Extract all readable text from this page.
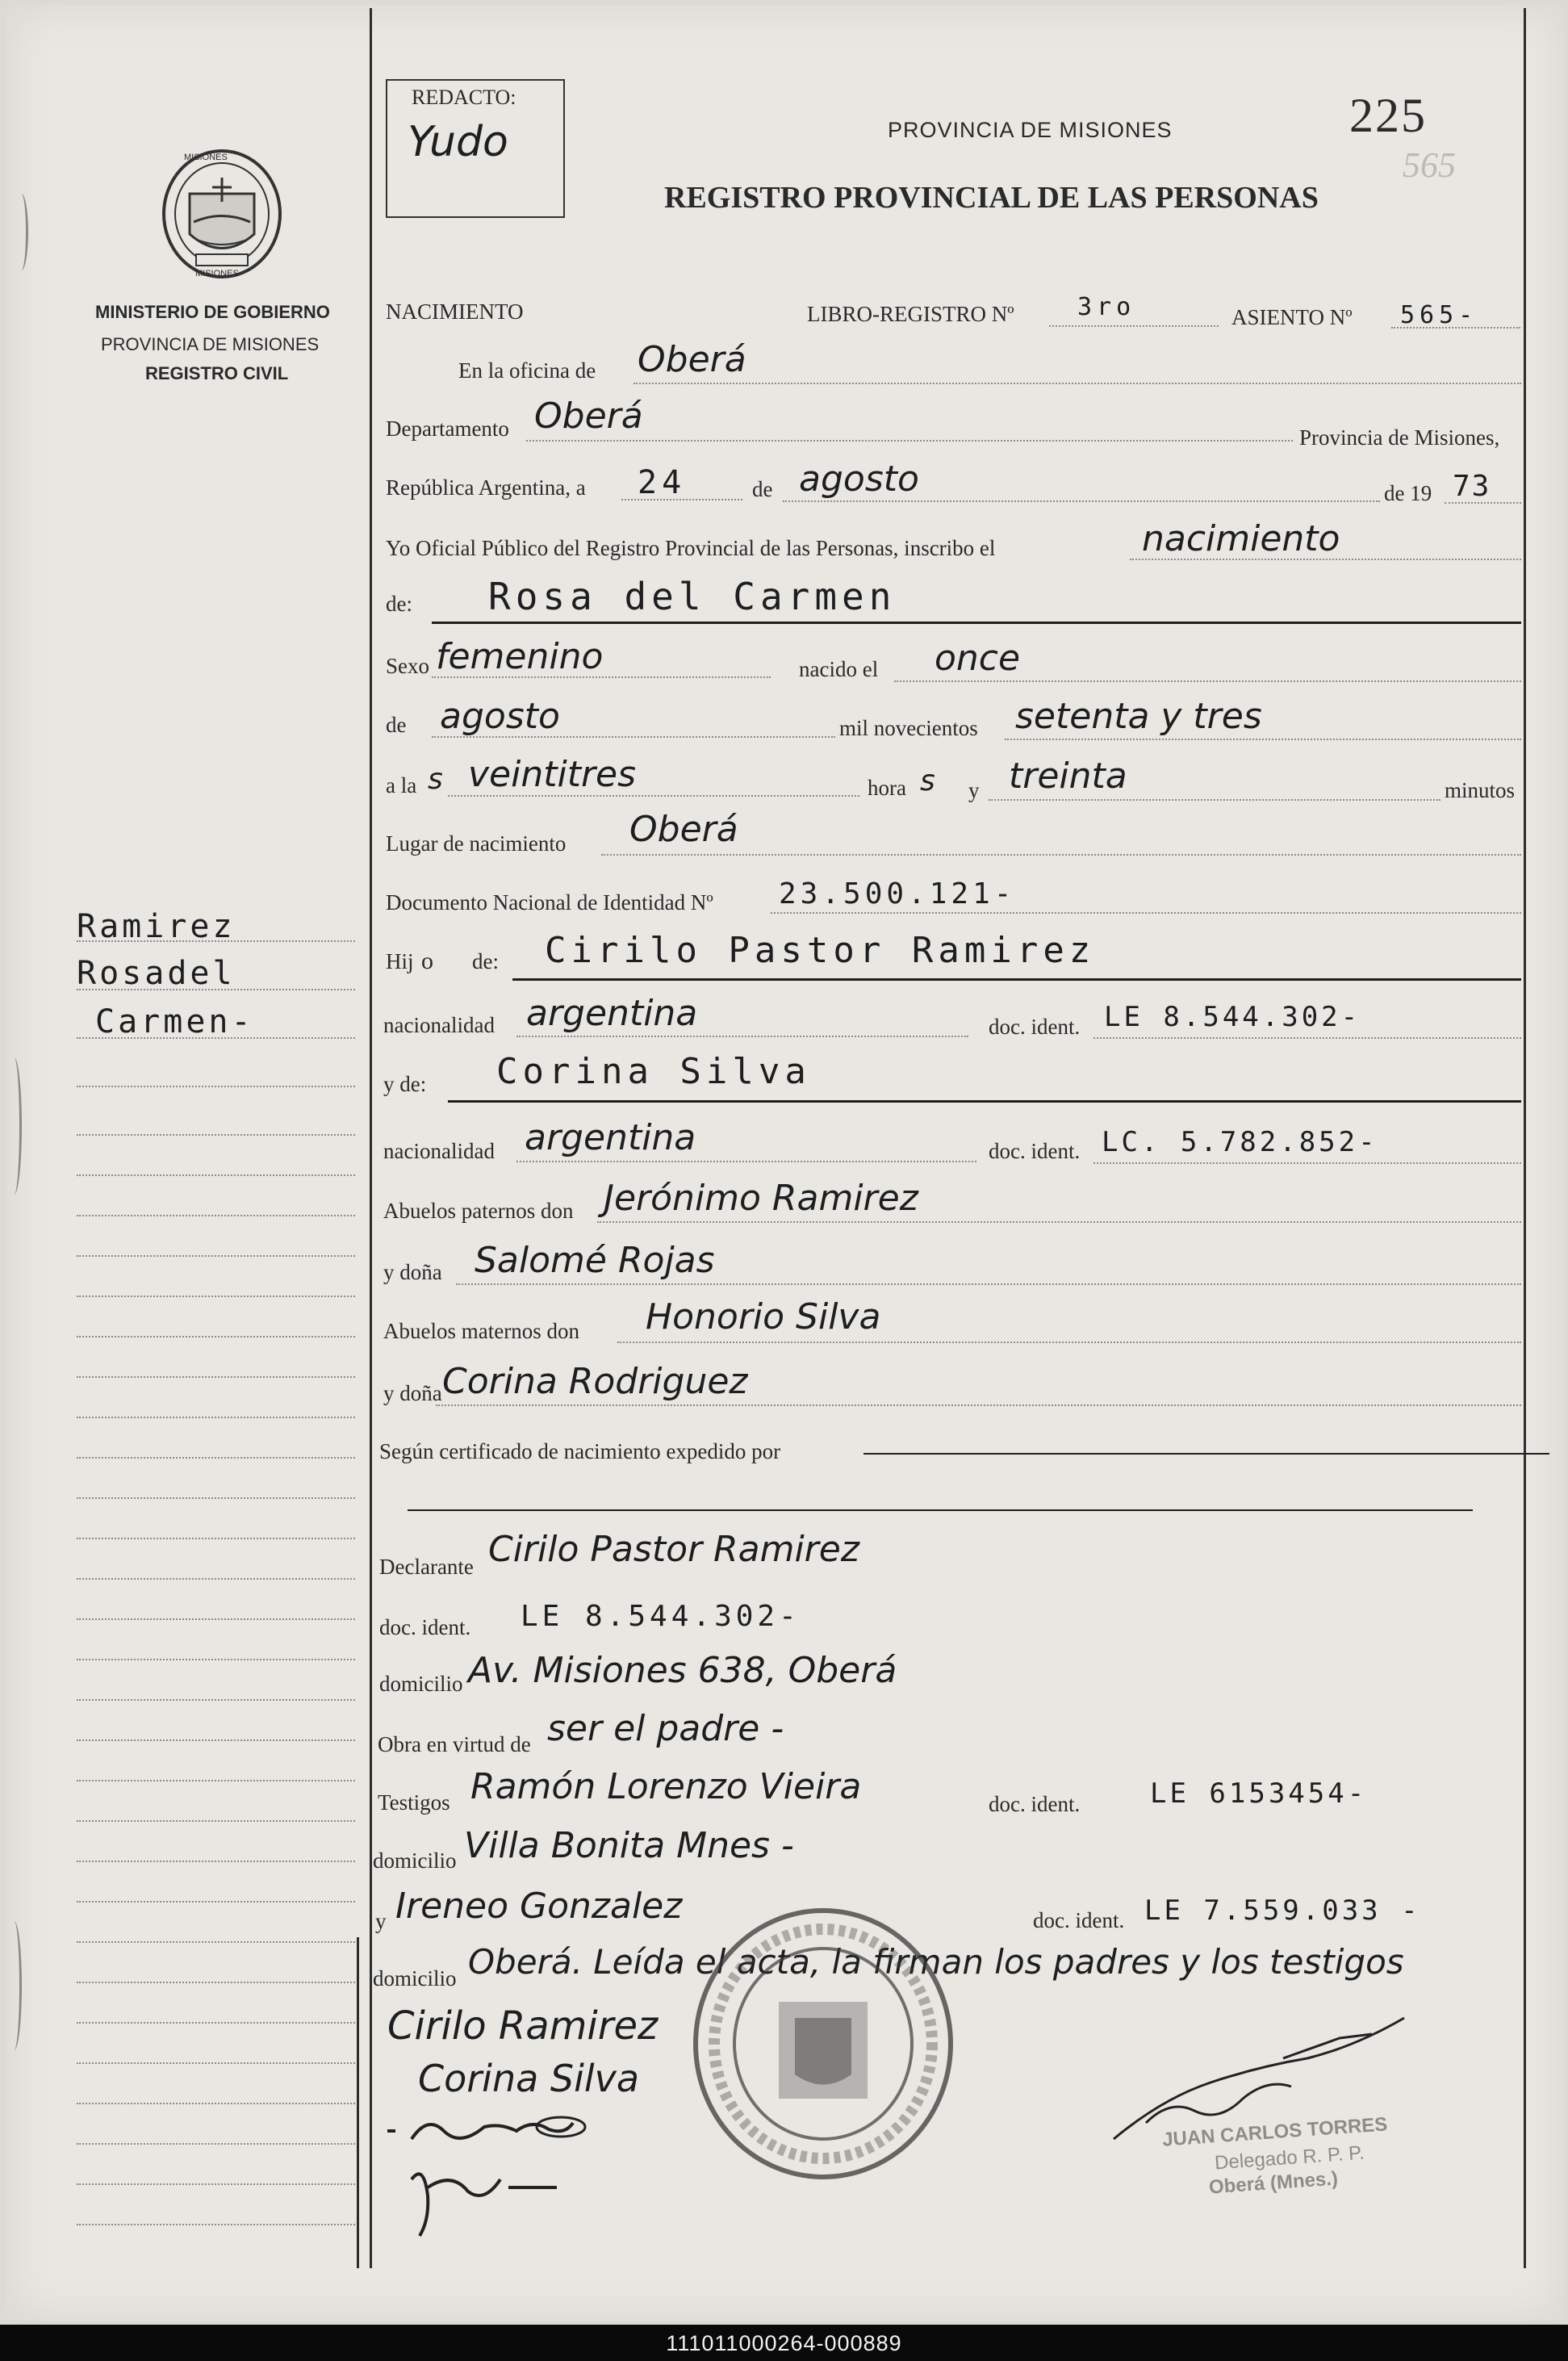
MISIONES
MISIONES
MINISTERIO DE GOBIERNO
PROVINCIA DE MISIONES
REGISTRO CIVIL
Ramirez
Rosadel
Carmen-
REDACTO:
Yudo	PROVINCIA DE MISIONES
REGISTRO PROVINCIAL DE LAS PERSONAS
225
565
NACIMIENTO	LIBRO-REGISTRO Nº	3ro	ASIENTO Nº 565-
En la oficina de Oberá
Departamento Oberá
Provincia de Misiones,
República Argentina, a 24	de agosto	de 19 73
Yo Oficial Público del Registro Provincial de las Personas, inscribo el	nacimiento
de: Rosa del Carmen
Sexo femenino	nacido el once
de agosto	mil novecientos setenta y tres
a la s veintitres	hora s y treinta	minutos
Lugar de nacimiento Oberá
Documento Nacional de Identidad Nº 23.500.121-
Hij o de: Cirilo Pastor Ramirez
nacionalidad argentina	doc. ident. LE 8.544.302-
y de: Corina Silva
nacionalidad argentina	doc. ident. LC. 5.782.852-
Abuelos paternos don Jerónimo Ramirez
y doña Salomé Rojas
Abuelos maternos don Honorio Silva
y doña Corina Rodriguez
Según certificado de nacimiento expedido por
Declarante Cirilo Pastor Ramirez
doc. ident. LE 8.544.302-
domicilio Av. Misiones 638, Oberá
Obra en virtud de ser el padre -
Testigos Ramón Lorenzo Vieira	doc. ident.	LE 6153454-
domicilio Villa Bonita Mnes -
y Ireneo Gonzalez	doc. ident. LE 7.559.033 -
domicilio Oberá. Leída el acta, la firman los padres y los testigos
Cirilo Ramirez
Corina Silva
JUAN CARLOS TORRES
Delegado R. P. P.
Oberá (Mnes.)
111011000264-000889
